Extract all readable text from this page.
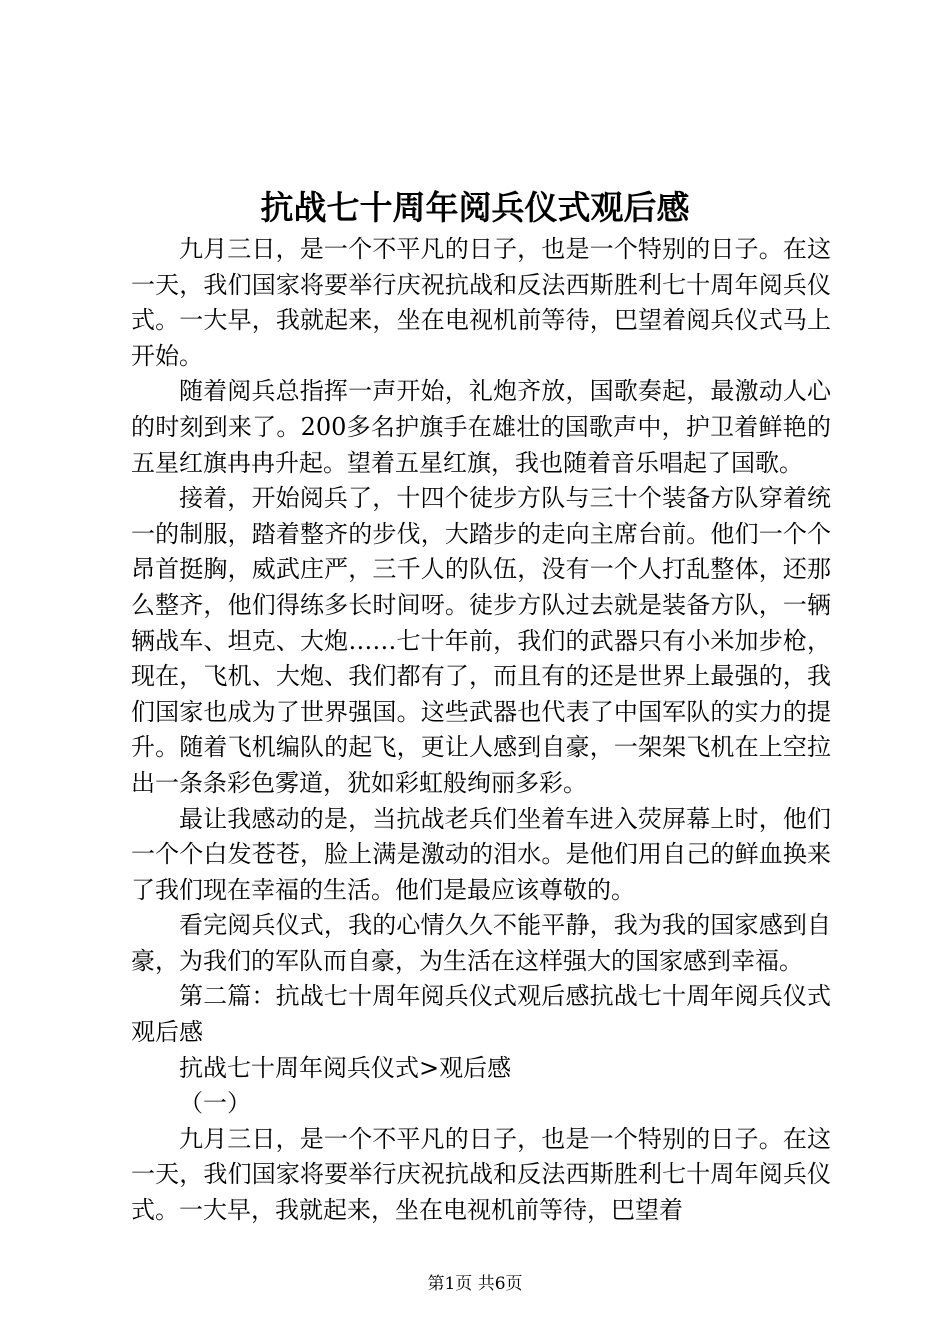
抗战七十周年阅兵仪式观后感

九月三日，是一个不平凡的日子，也是一个特别的日子。在这一天，我们国家将要举行庆祝抗战和反法西斯胜利七十周年阅兵仪式。一大早，我就起来，坐在电视机前等待，巴望着阅兵仪式马上开始。

随着阅兵总指挥一声开始，礼炮齐放，国歌奏起，最激动人心的时刻到来了。200多名护旗手在雄壮的国歌声中，护卫着鲜艳的五星红旗冉冉升起。望着五星红旗，我也随着音乐唱起了国歌。

接着，开始阅兵了，十四个徒步方队与三十个装备方队穿着统一的制服，踏着整齐的步伐，大踏步的走向主席台前。他们一个个昂首挺胸，威武庄严，三千人的队伍，没有一个人打乱整体，还那么整齐，他们得练多长时间呀。徒步方队过去就是装备方队，一辆辆战车、坦克、大炮……七十年前，我们的武器只有小米加步枪，现在，飞机、大炮、我们都有了，而且有的还是世界上最强的，我们国家也成为了世界强国。这些武器也代表了中国军队的实力的提升。随着飞机编队的起飞，更让人感到自豪，一架架飞机在上空拉出一条条彩色雾道，犹如彩虹般绚丽多彩。

最让我感动的是，当抗战老兵们坐着车进入荧屏幕上时，他们一个个白发苍苍，脸上满是激动的泪水。是他们用自己的鲜血换来了我们现在幸福的生活。他们是最应该尊敬的。

看完阅兵仪式，我的心情久久不能平静，我为我的国家感到自豪，为我们的军队而自豪，为生活在这样强大的国家感到幸福。

第二篇：抗战七十周年阅兵仪式观后感抗战七十周年阅兵仪式观后感

抗战七十周年阅兵仪式>观后感

（一）

九月三日，是一个不平凡的日子，也是一个特别的日子。在这一天，我们国家将要举行庆祝抗战和反法西斯胜利七十周年阅兵仪式。一大早，我就起来，坐在电视机前等待，巴望着

第1页 共6页
